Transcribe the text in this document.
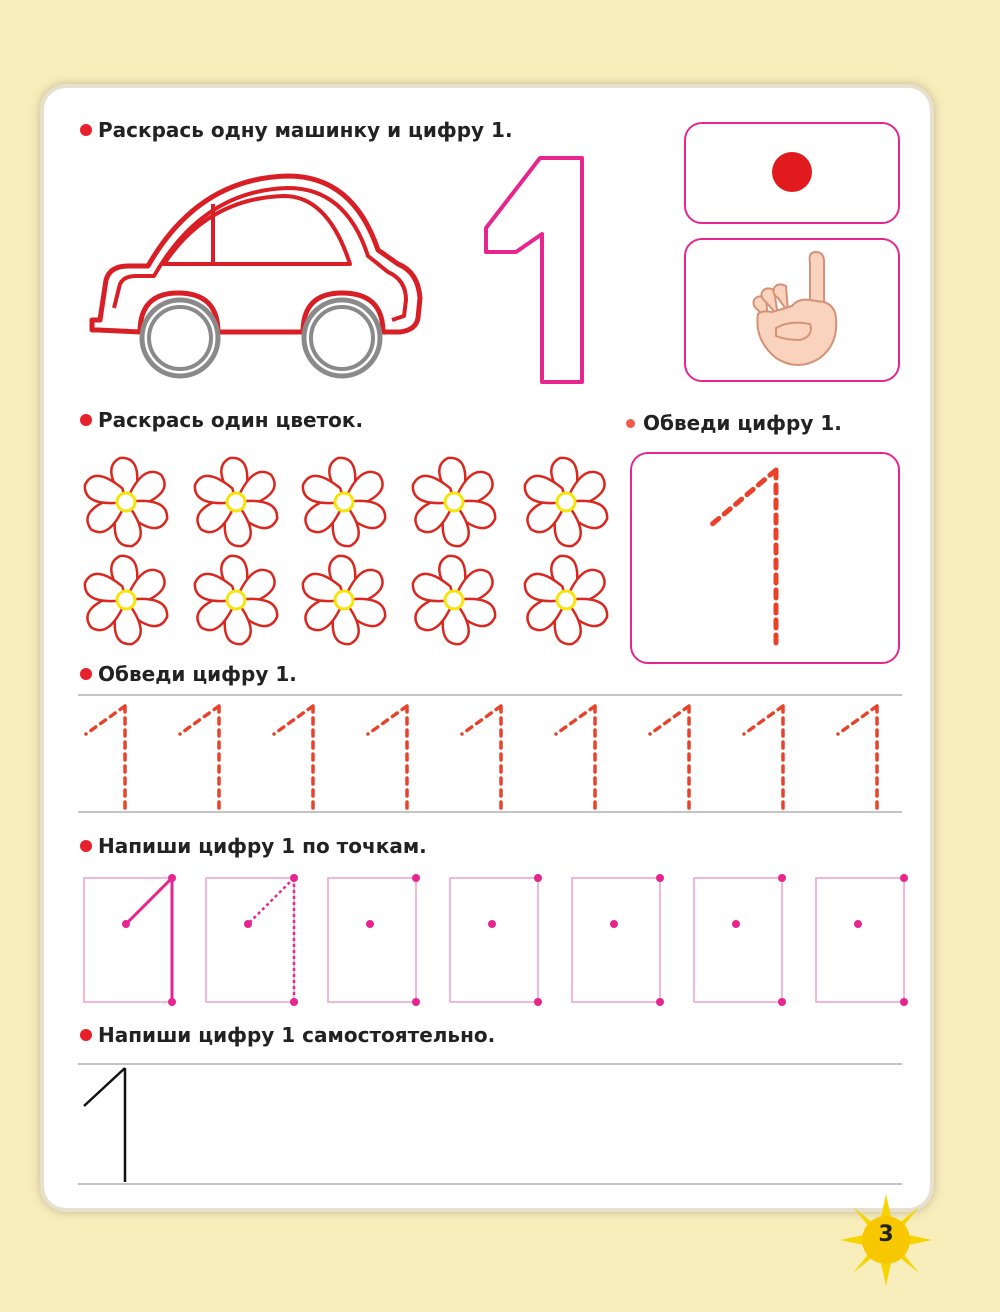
Раскрась одну машинку и цифру 1.
Раскрась один цветок.	Обведи цифру 1.
Обведи цифру 1.
Напиши цифру 1 по точкам.
Напиши цифру 1 самостоятельно.
3
